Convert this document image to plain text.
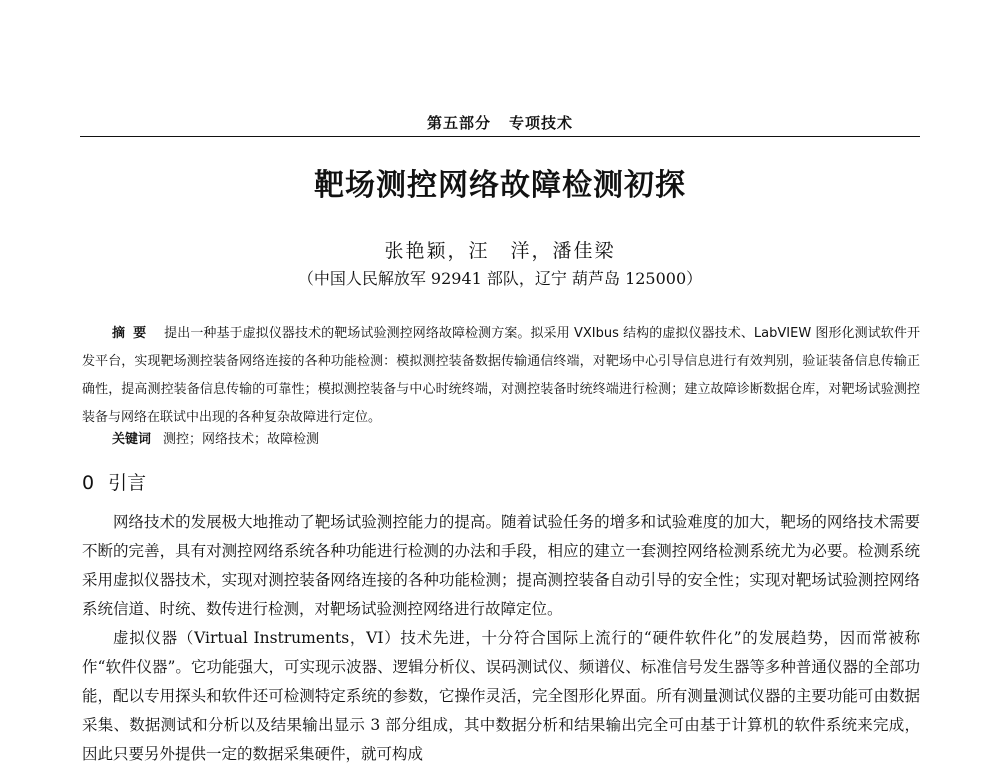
第五部分 专项技术
靶场测控网络故障检测初探
张艳颖，汪　洋，潘佳梁
（中国人民解放军 92941 部队，辽宁 葫芦岛 125000）
摘要 提出一种基于虚拟仪器技术的靶场试验测控网络故障检测方案。拟采用 VXIbus 结构的虚拟仪器技术、LabVIEW 图形化测试软件开发平台，实现靶场测控装备网络连接的各种功能检测：模拟测控装备数据传输通信终端，对靶场中心引导信息进行有效判别，验证装备信息传输正确性，提高测控装备信息传输的可靠性；模拟测控装备与中心时统终端，对测控装备时统终端进行检测；建立故障诊断数据仓库，对靶场试验测控装备与网络在联试中出现的各种复杂故障进行定位。
关键词 测控；网络技术；故障检测
0 引言

网络技术的发展极大地推动了靶场试验测控能力的提高。随着试验任务的增多和试验难度的加大，靶场的网络技术需要不断的完善，具有对测控网络系统各种功能进行检测的办法和手段，相应的建立一套测控网络检测系统尤为必要。检测系统采用虚拟仪器技术，实现对测控装备网络连接的各种功能检测；提高测控装备自动引导的安全性；实现对靶场试验测控网络系统信道、时统、数传进行检测，对靶场试验测控网络进行故障定位。

虚拟仪器（Virtual Instruments，VI）技术先进，十分符合国际上流行的“硬件软件化”的发展趋势，因而常被称作“软件仪器”。它功能强大，可实现示波器、逻辑分析仪、误码测试仪、频谱仪、标准信号发生器等多种普通仪器的全部功能，配以专用探头和软件还可检测特定系统的参数，它操作灵活，完全图形化界面。所有测量测试仪器的主要功能可由数据采集、数据测试和分析以及结果输出显示 3 部分组成，其中数据分析和结果输出完全可由基于计算机的软件系统来完成，因此只要另外提供一定的数据采集硬件，就可构成
